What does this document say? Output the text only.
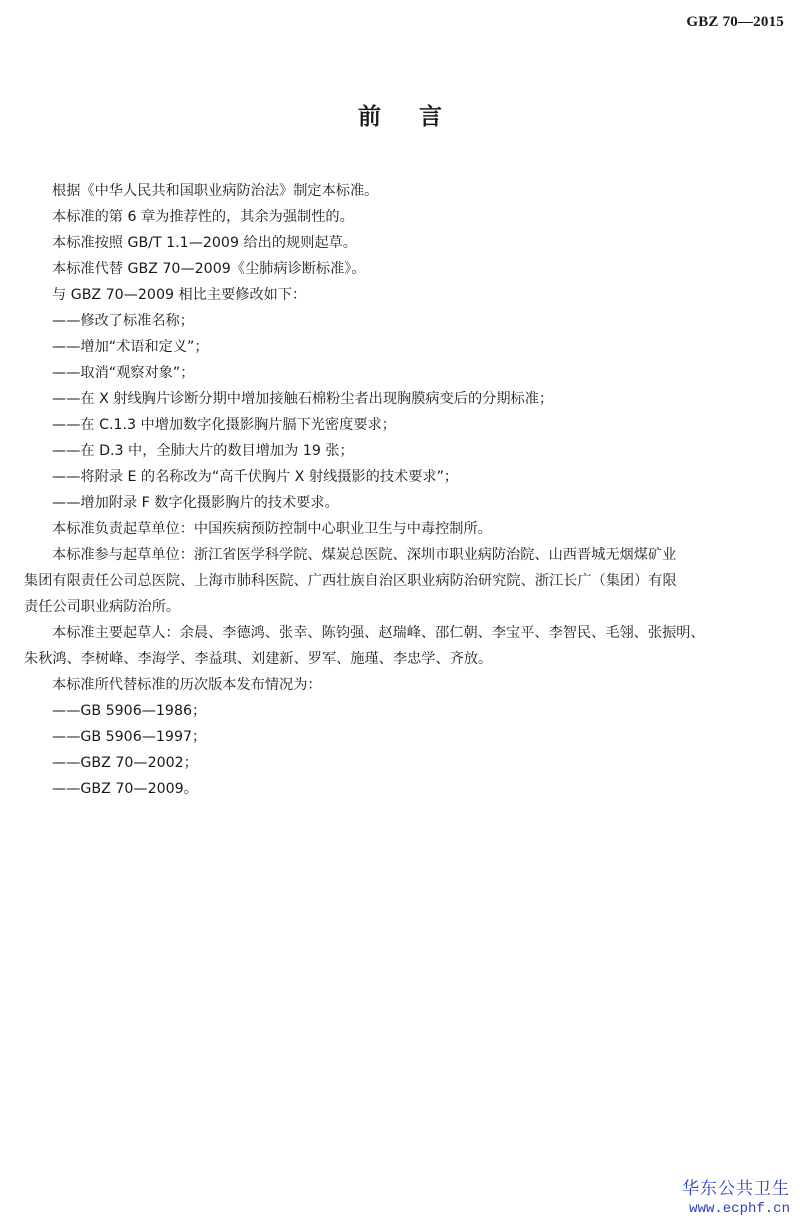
GBZ 70—2015
前言

根据《中华人民共和国职业病防治法》制定本标准。

本标准的第 6 章为推荐性的，其余为强制性的。

本标准按照 GB/T 1.1—2009 给出的规则起草。

本标准代替 GBZ 70—2009《尘肺病诊断标准》。

与 GBZ 70—2009 相比主要修改如下：

——修改了标准名称；

——增加“术语和定义”；

——取消“观察对象”；

——在 X 射线胸片诊断分期中增加接触石棉粉尘者出现胸膜病变后的分期标准；

——在 C.1.3 中增加数字化摄影胸片膈下光密度要求；

——在 D.3 中，全肺大片的数目增加为 19 张；

——将附录 E 的名称改为“高千伏胸片 X 射线摄影的技术要求”；

——增加附录 F 数字化摄影胸片的技术要求。

本标准负责起草单位：中国疾病预防控制中心职业卫生与中毒控制所。

本标准参与起草单位：浙江省医学科学院、煤炭总医院、深圳市职业病防治院、山西晋城无烟煤矿业
集团有限责任公司总医院、上海市肺科医院、广西壮族自治区职业病防治研究院、浙江长广（集团）有限
责任公司职业病防治所。
本标准主要起草人：余晨、李德鸿、张幸、陈钧强、赵瑞峰、邵仁朝、李宝平、李智民、毛翎、张振明、
朱秋鸿、李树峰、李海学、李益琪、刘建新、罗军、施瑾、李忠学、齐放。

本标准所代替标准的历次版本发布情况为：

——GB 5906—1986；

——GB 5906—1997；

——GBZ 70—2002；

——GBZ 70—2009。

华东公共卫生
www.ecphf.cn
